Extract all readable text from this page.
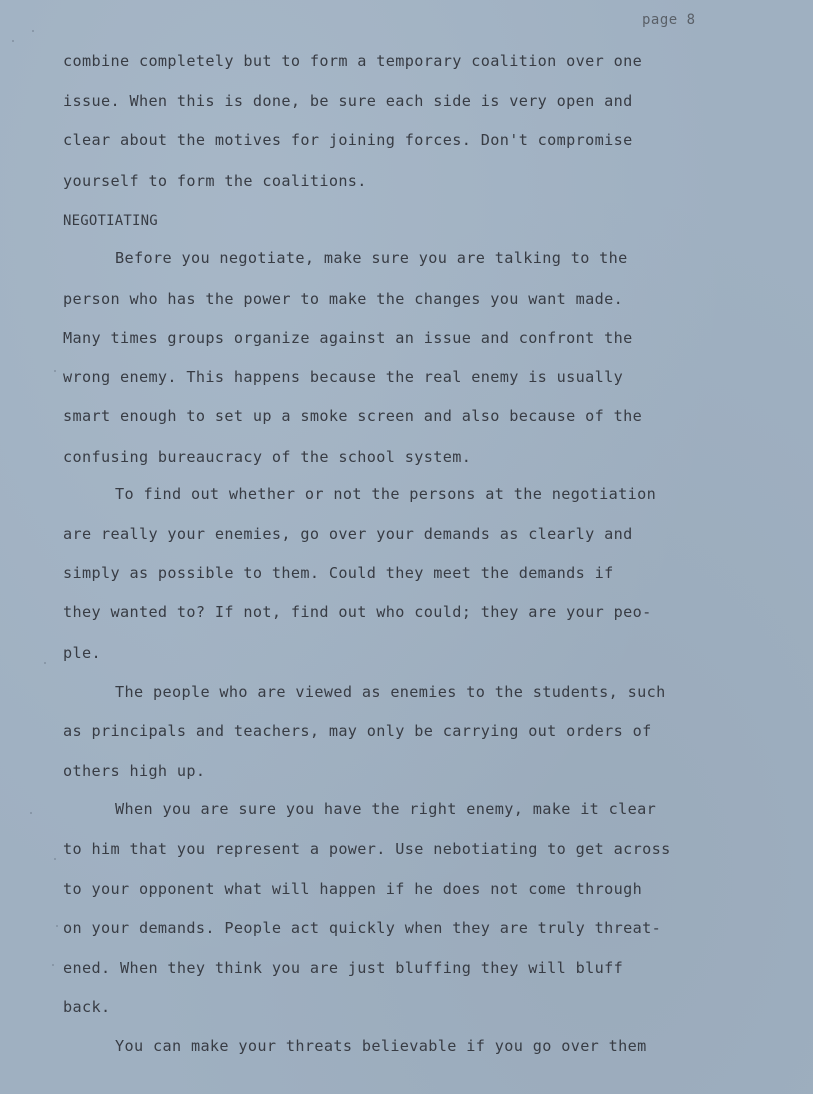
page 8
combine completely but to form a temporary coalition over one
issue. When this is done, be sure each side is very open and
clear about the motives for joining forces. Don't compromise
yourself to form the coalitions.
NEGOTIATING
Before you negotiate, make sure you are talking to the
person who has the power to make the changes you want made.
Many times groups organize against an issue and confront the
wrong enemy. This happens because the real enemy is usually
smart enough to set up a smoke screen and also because of the
confusing bureaucracy of the school system.
To find out whether or not the persons at the negotiation
are really your enemies, go over your demands as clearly and
simply as possible to them. Could they meet the demands if
they wanted to? If not, find out who could; they are your peo-
ple.
The people who are viewed as enemies to the students, such
as principals and teachers, may only be carrying out orders of
others high up.
When you are sure you have the right enemy, make it clear
to him that you represent a power. Use nebotiating to get across
to your opponent what will happen if he does not come through
on your demands. People act quickly when they are truly threat-
ened. When they think you are just bluffing they will bluff
back.
You can make your threats believable if you go over them
